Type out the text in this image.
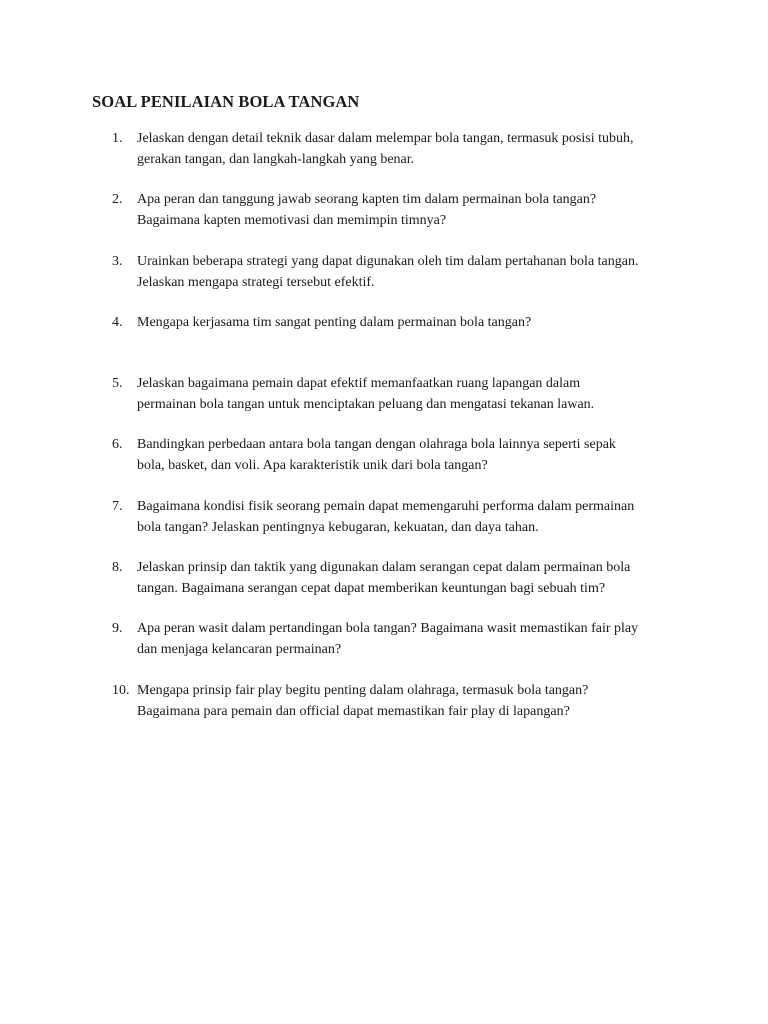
SOAL PENILAIAN BOLA TANGAN
1. Jelaskan dengan detail teknik dasar dalam melempar bola tangan, termasuk posisi tubuh,
gerakan tangan, dan langkah-langkah yang benar.
2. Apa peran dan tanggung jawab seorang kapten tim dalam permainan bola tangan?
Bagaimana kapten memotivasi dan memimpin timnya?
3. Urainkan beberapa strategi yang dapat digunakan oleh tim dalam pertahanan bola tangan.
Jelaskan mengapa strategi tersebut efektif.
4. Mengapa kerjasama tim sangat penting dalam permainan bola tangan?
5. Jelaskan bagaimana pemain dapat efektif memanfaatkan ruang lapangan dalam
permainan bola tangan untuk menciptakan peluang dan mengatasi tekanan lawan.
6. Bandingkan perbedaan antara bola tangan dengan olahraga bola lainnya seperti sepak
bola, basket, dan voli. Apa karakteristik unik dari bola tangan?
7. Bagaimana kondisi fisik seorang pemain dapat memengaruhi performa dalam permainan
bola tangan? Jelaskan pentingnya kebugaran, kekuatan, dan daya tahan.
8. Jelaskan prinsip dan taktik yang digunakan dalam serangan cepat dalam permainan bola
tangan. Bagaimana serangan cepat dapat memberikan keuntungan bagi sebuah tim?
9. Apa peran wasit dalam pertandingan bola tangan? Bagaimana wasit memastikan fair play
dan menjaga kelancaran permainan?
10. Mengapa prinsip fair play begitu penting dalam olahraga, termasuk bola tangan?
Bagaimana para pemain dan official dapat memastikan fair play di lapangan?
